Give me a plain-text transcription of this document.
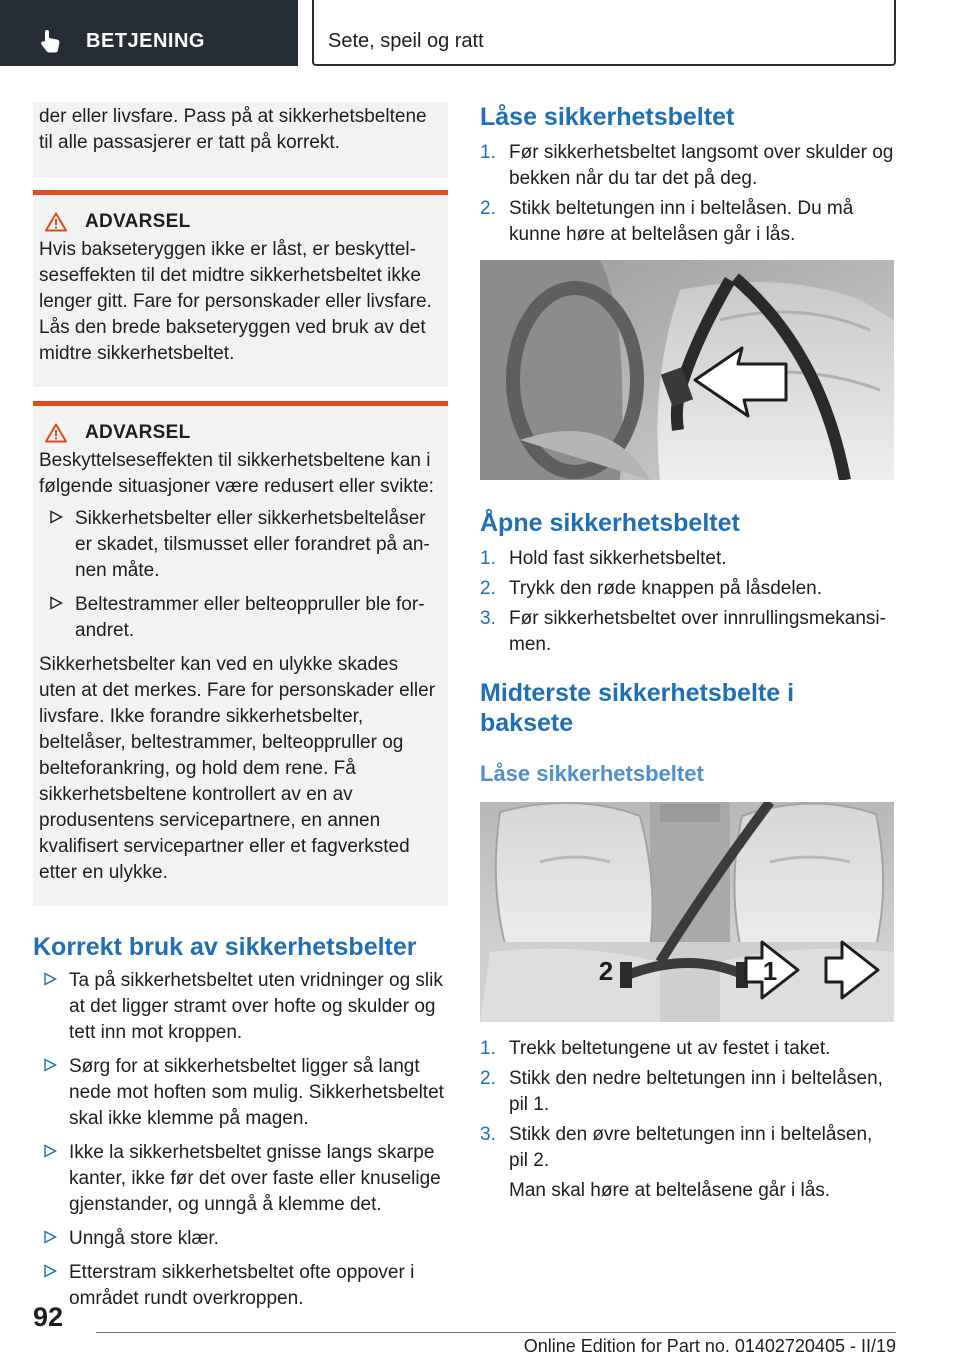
BETJENING	Sete, speil og ratt

der eller livsfare. Pass på at sikkerhetsbeltene til alle passasjerer er tatt på korrekt.

ADVARSEL

Hvis bakseteryggen ikke er låst, er beskyttelseseffekten til det midtre sikkerhetsbeltet ikke lenger gitt. Fare for personskader eller livsfare. Lås den brede bakseteryggen ved bruk av det midtre sikkerhetsbeltet.

ADVARSEL

Beskyttelseseffekten til sikkerhetsbeltene kan i følgende situasjoner være redusert eller svikte:

Sikkerhetsbelter eller sikkerhetsbeltelåser er skadet, tilsmusset eller forandret på annen måte.
Beltestrammer eller belteoppruller ble forandret.

Sikkerhetsbelter kan ved en ulykke skades uten at det merkes. Fare for personskader eller livsfare. Ikke forandre sikkerhetsbelter, beltelåser, beltestrammer, belteoppruller og belteforankring, og hold dem rene. Få sikkerhetsbeltene kontrollert av en av produsentens servicepartnere, en annen kvalifisert servicepartner eller et fagverksted etter en ulykke.

Korrekt bruk av sikkerhetsbelter
Ta på sikkerhetsbeltet uten vridninger og slik at det ligger stramt over hofte og skulder og tett inn mot kroppen.
Sørg for at sikkerhetsbeltet ligger så langt nede mot hoften som mulig. Sikkerhetsbeltet skal ikke klemme på magen.
Ikke la sikkerhetsbeltet gnisse langs skarpe kanter, ikke før det over faste eller knuselige gjenstander, og unngå å klemme det.
Unngå store klær.
Etterstram sikkerhetsbeltet ofte oppover i området rundt overkroppen.
Låse sikkerhetsbeltet
1. Før sikkerhetsbeltet langsomt over skulder og bekken når du tar det på deg.
2. Stikk beltetungen inn i beltelåsen. Du må kunne høre at beltelåsen går i lås.
Åpne sikkerhetsbeltet
1. Hold fast sikkerhetsbeltet.
2. Trykk den røde knappen på låsdelen.
3. Før sikkerhetsbeltet over innrullingsmekansimen.
Midterste sikkerhetsbelte i baksete
Låse sikkerhetsbeltet
2	1
1. Trekk beltetungene ut av festet i taket.
2. Stikk den nedre beltetungen inn i beltelåsen, pil 1.
3. Stikk den øvre beltetungen inn i beltelåsen, pil 2.
Man skal høre at beltelåsene går i lås.
92
Online Edition for Part no. 01402720405 - II/19
